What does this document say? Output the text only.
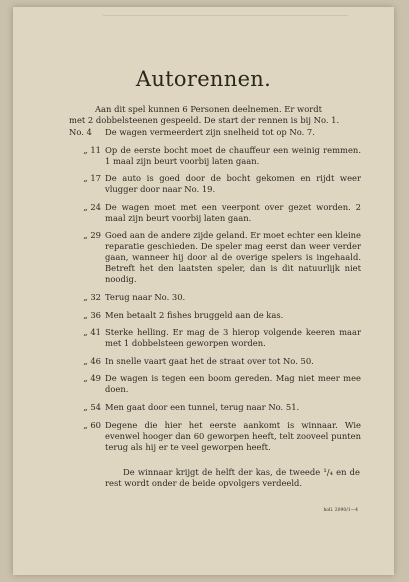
Autorennen.
Aan dit spel kunnen 6 Personen deelnemen. Er wordt
met 2 dobbelsteenen gespeeld. De start der rennen is bij No. 1.
No. 4	De wagen vermeerdert zijn snelheid tot op No. 7.
„ 11 Op de eerste bocht moet de chauffeur een weinig remmen. 1 maal zijn beurt voorbij laten gaan.
„ 17 De auto is goed door de bocht gekomen en rijdt weer vlugger door naar No. 19.
„ 24 De wagen moet met een veerpont over gezet worden. 2 maal zijn beurt voorbij laten gaan.
„ 29 Goed aan de andere zijde geland. Er moet echter een kleine reparatie geschieden. De speler mag eerst dan weer verder gaan, wanneer hij door al de overige spelers is ingehaald. Betreft het den laatsten speler, dan is dit natuurlijk niet noodig.
„ 32 Terug naar No. 30.
„ 36 Men betaalt 2 fishes bruggeld aan de kas.
„ 41 Sterke helling. Er mag de 3 hierop volgende keeren maar met 1 dobbelsteen geworpen worden.
„ 46 In snelle vaart gaat het de straat over tot No. 50.
„ 49 De wagen is tegen een boom gereden. Mag niet meer mee doen.
„ 54 Men gaat door een tunnel, terug naar No. 51.
„ 60 Degene die hier het eerste aankomt is winnaar. Wie evenwel hooger dan 60 geworpen heeft, telt zooveel punten terug als hij er te veel geworpen heeft.
De winnaar krijgt de helft der kas, de tweede ¹/₄ en de rest wordt onder de beide opvolgers verdeeld.
holl. 2090/1—4
